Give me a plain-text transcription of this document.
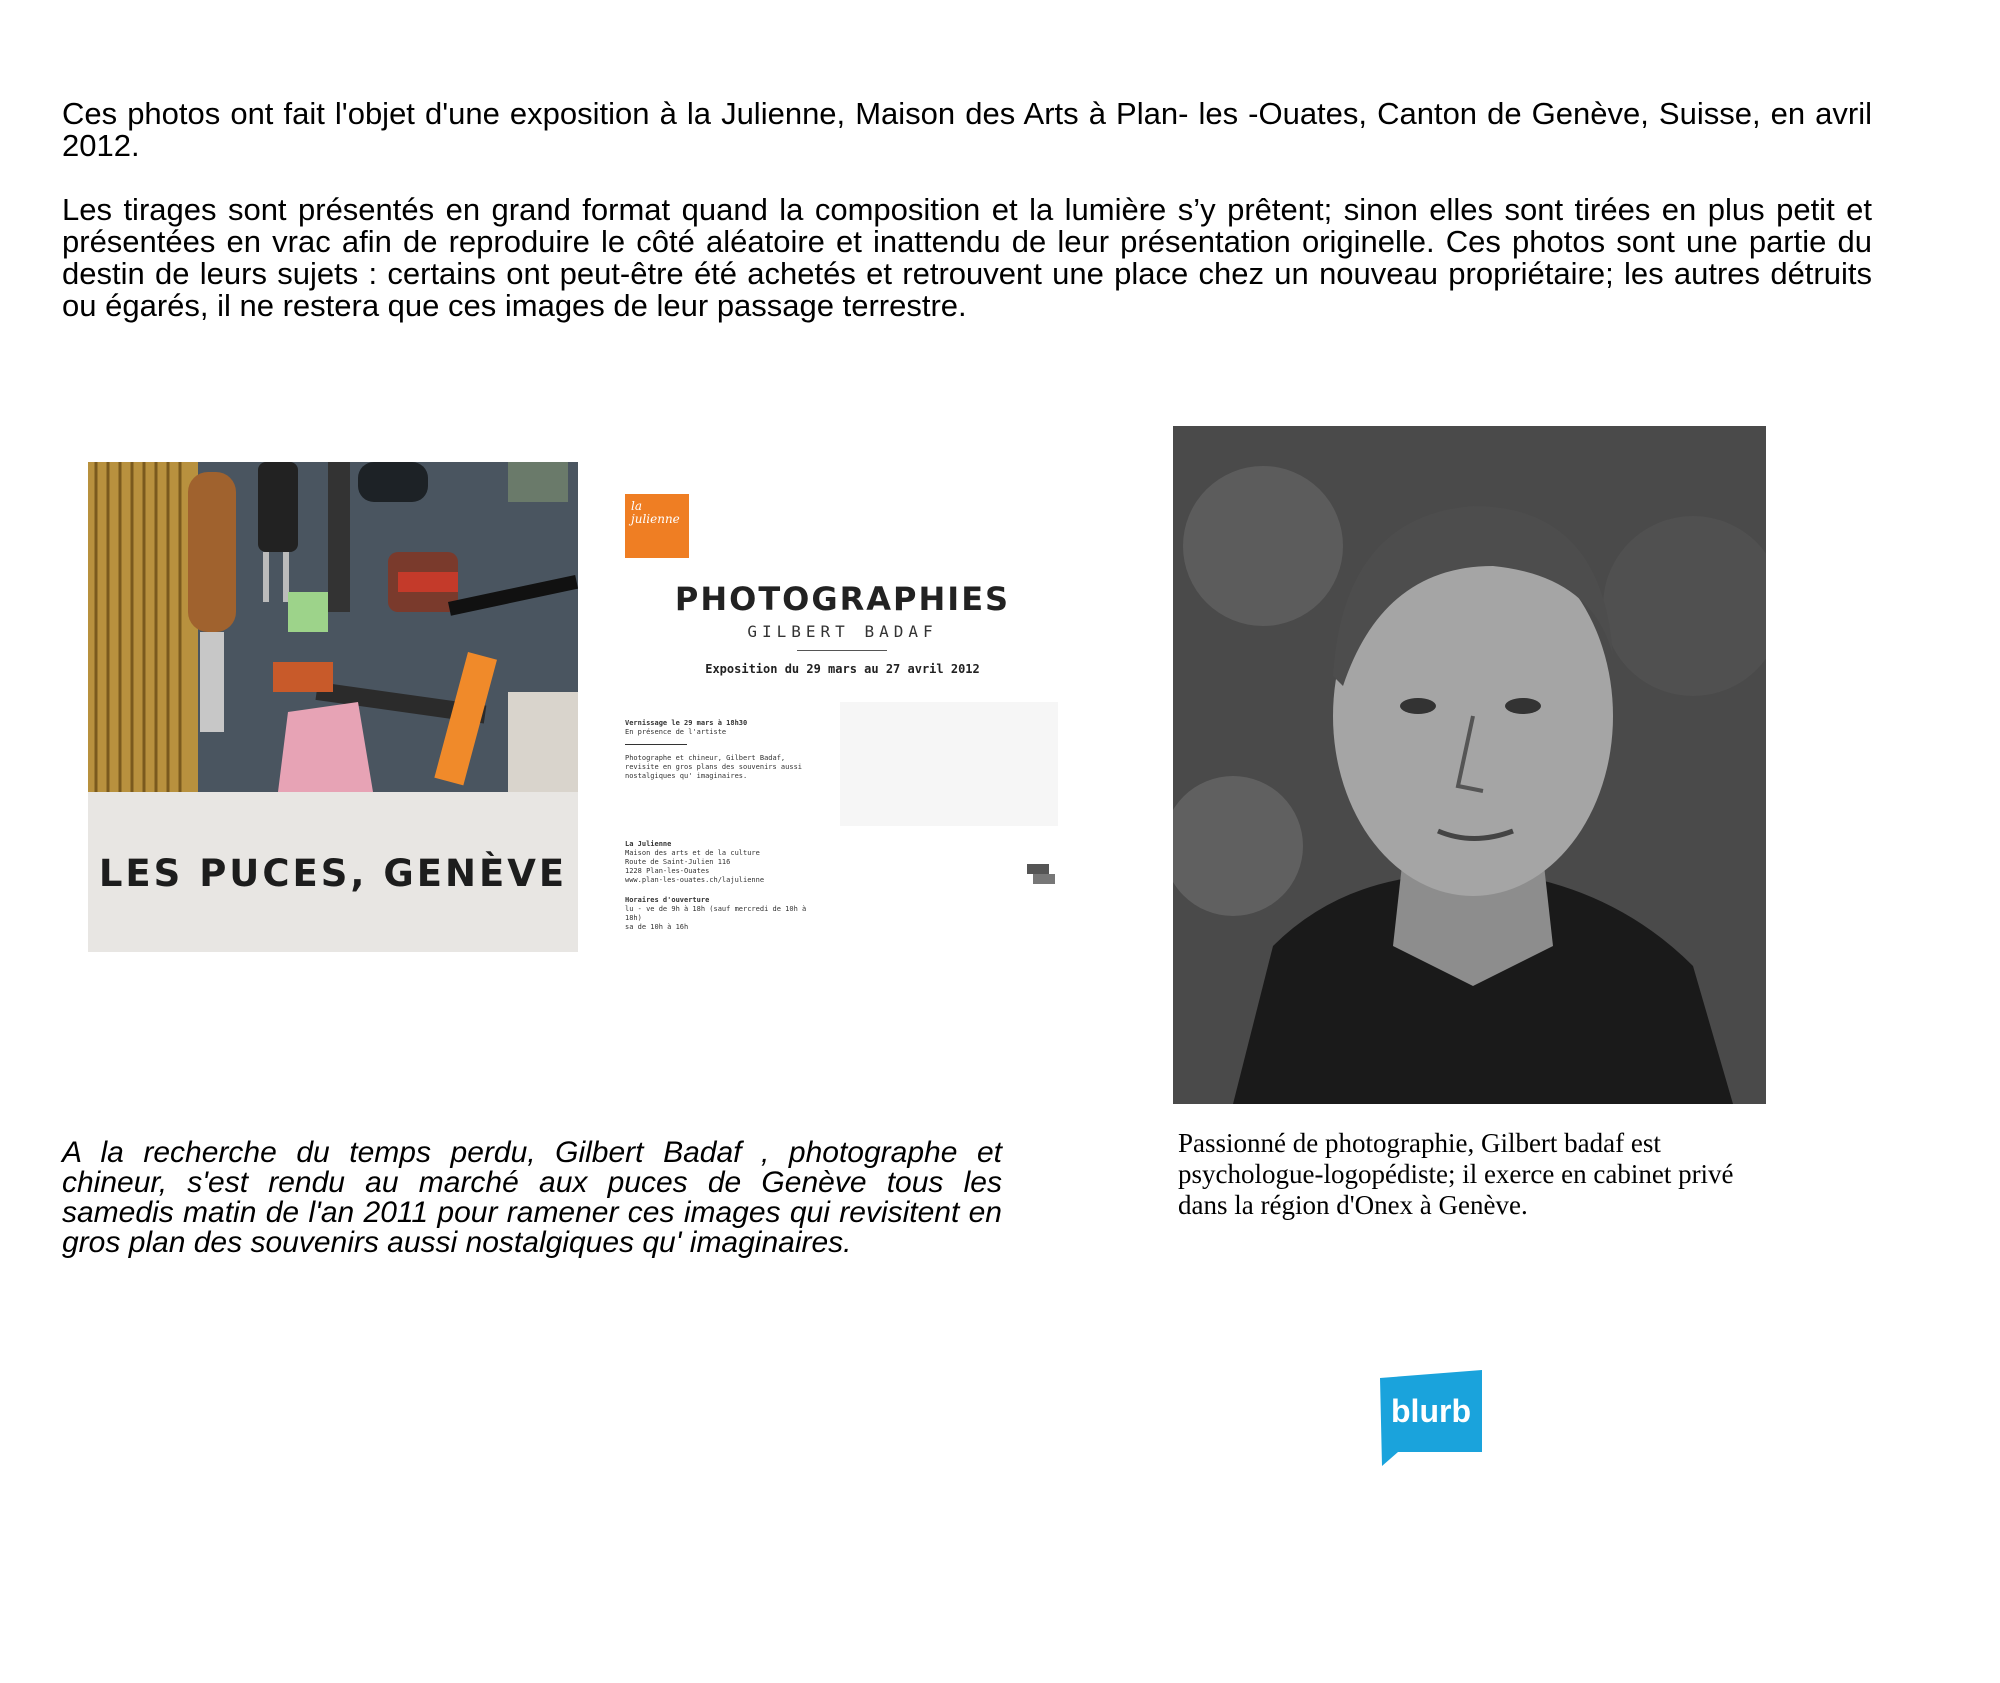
Ces photos ont fait l'objet d'une exposition à la Julienne, Maison des Arts à Plan- les -Ouates, Canton de Genève, Suisse, en avril 2012.

Les tirages sont présentés en grand format quand la composition et la lumière s’y prêtent; sinon elles sont tirées en plus petit et présentées en vrac afin de reproduire le côté aléatoire et inattendu de leur présentation originelle. Ces photos sont une partie du destin de leurs sujets : certains ont peut-être été achetés et retrouvent une place chez un nouveau propriétaire; les autres détruits ou égarés, il ne restera que ces images de leur passage terrestre.

LES PUCES, GENÈVE
la julienne
PHOTOGRAPHIES
GILBERT BADAF
Exposition du 29 mars au 27 avril 2012
Vernissage le 29 mars à 18h30
En présence de l'artiste
Photographe et chineur, Gilbert Badaf, revisite en gros plans des souvenirs aussi nostalgiques qu' imaginaires.
La Julienne
Maison des arts et de la culture
Route de Saint-Julien 116
1228 Plan-les-Ouates
www.plan-les-ouates.ch/lajulienne
Horaires d'ouverture
lu - ve de 9h à 18h (sauf mercredi de 10h à 18h)
sa de 10h à 16h
A la recherche du temps perdu, Gilbert Badaf , photographe et chineur, s'est rendu au marché aux puces de Genève tous les samedis matin de l'an 2011 pour ramener ces images qui revisitent en gros plan des souvenirs aussi nostalgiques qu' imaginaires.
Passionné de photographie, Gilbert badaf est psychologue-logopédiste; il exerce en cabinet privé dans la région d'Onex à Genève.
blurb
